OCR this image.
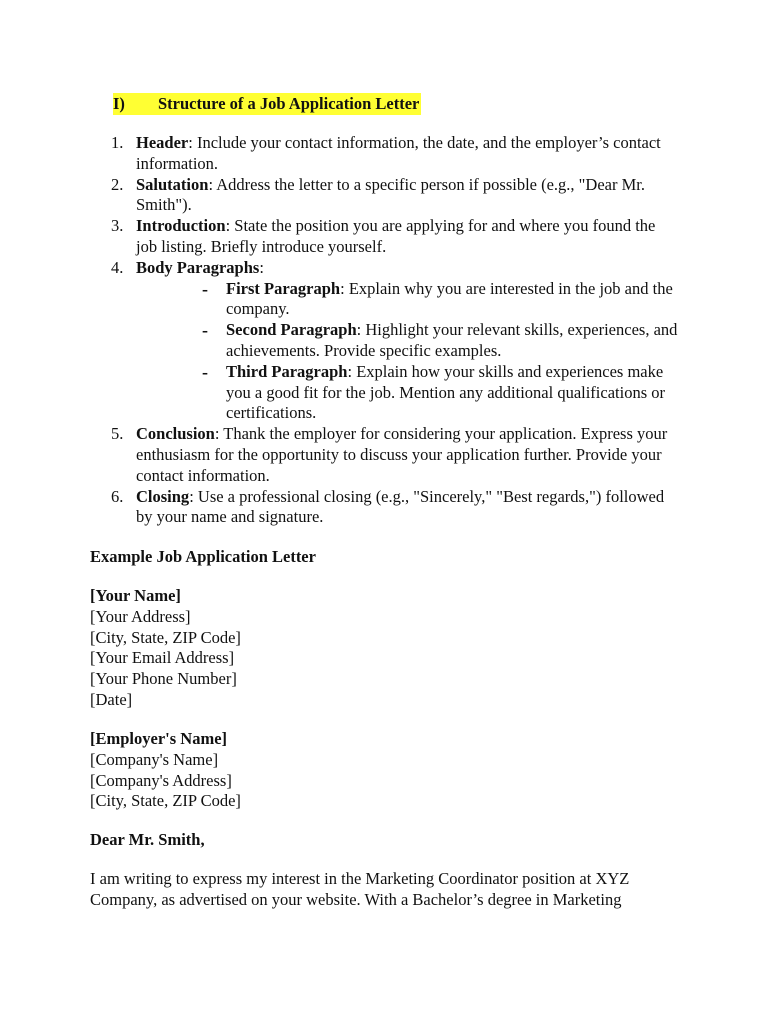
I) Structure of a Job Application Letter
1. Header: Include your contact information, the date, and the employer’s contact information.
2. Salutation: Address the letter to a specific person if possible (e.g., "Dear Mr. Smith").
3. Introduction: State the position you are applying for and where you found the job listing. Briefly introduce yourself.
4. Body Paragraphs:
- First Paragraph: Explain why you are interested in the job and the company.
- Second Paragraph: Highlight your relevant skills, experiences, and achievements. Provide specific examples.
- Third Paragraph: Explain how your skills and experiences make you a good fit for the job. Mention any additional qualifications or certifications.
5. Conclusion: Thank the employer for considering your application. Express your enthusiasm for the opportunity to discuss your application further. Provide your contact information.
6. Closing: Use a professional closing (e.g., "Sincerely," "Best regards,") followed by your name and signature.
Example Job Application Letter
[Your Name]
[Your Address]
[City, State, ZIP Code]
[Your Email Address]
[Your Phone Number]
[Date]
[Employer's Name]
[Company's Name]
[Company's Address]
[City, State, ZIP Code]
Dear Mr. Smith,
I am writing to express my interest in the Marketing Coordinator position at XYZ
Company, as advertised on your website. With a Bachelor’s degree in Marketing
